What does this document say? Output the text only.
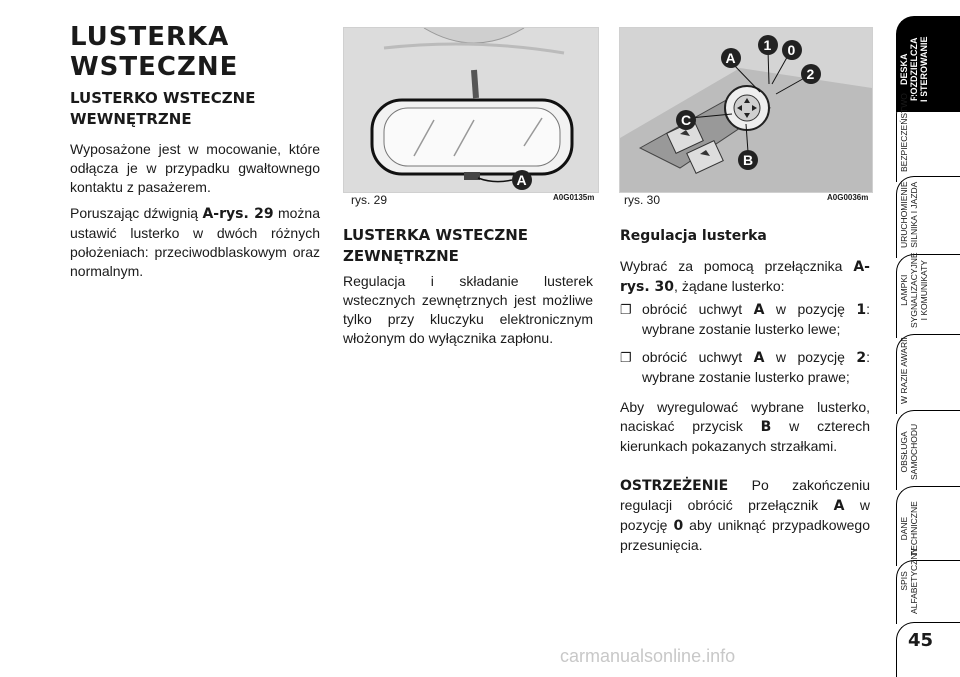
LUSTERKA WSTECZNE
LUSTERKO WSTECZNE WEWNĘTRZNE

Wyposażone jest w mocowanie, które odłącza je w przypadku gwałtownego kontaktu z pasażerem.

Poruszając dźwignią A-rys. 29 można ustawić lusterko w dwóch różnych położeniach: przeciwodblaskowym oraz normalnym.

A
rys. 29	A0G0135m
A
1 0
2
C
B
rys. 30	A0G0036m
LUSTERKA WSTECZNE ZEWNĘTRZNE

Regulacja i składanie lusterek wstecznych zewnętrznych jest możliwe tylko przy kluczyku elektronicznym włożonym do wyłącznika zapłonu.

Regulacja lusterka

Wybrać za pomocą przełącznika A-rys. 30, żądane lusterko:

❐ obrócić uchwyt A w pozycję 1: wybrane zostanie lusterko lewe;
❐ obrócić uchwyt A w pozycję 2: wybrane zostanie lusterko prawe;

Aby wyregulować wybrane lusterko, naciskać przycisk B w czterech kierunkach pokazanych strzałkami.

OSTRZEŻENIE Po zakończeniu regulacji obrócić przełącznik A w pozycję 0 aby uniknąć przypadkowego przesunięcia.

DESKA
ROZDZIELCZA
I STEROWANIE
BEZPIECZEŃSTWO
URUCHOMIENIE
SILNIKA I JAZDA
LAMPKI
SYGNALIZACYJNE
I KOMUNIKATY
W RAZIE AWARII
OBSŁUGA
SAMOCHODU
DANE
TECHNICZNE
SPIS
ALFABETYCZNY
45
carmanualsonline.info
